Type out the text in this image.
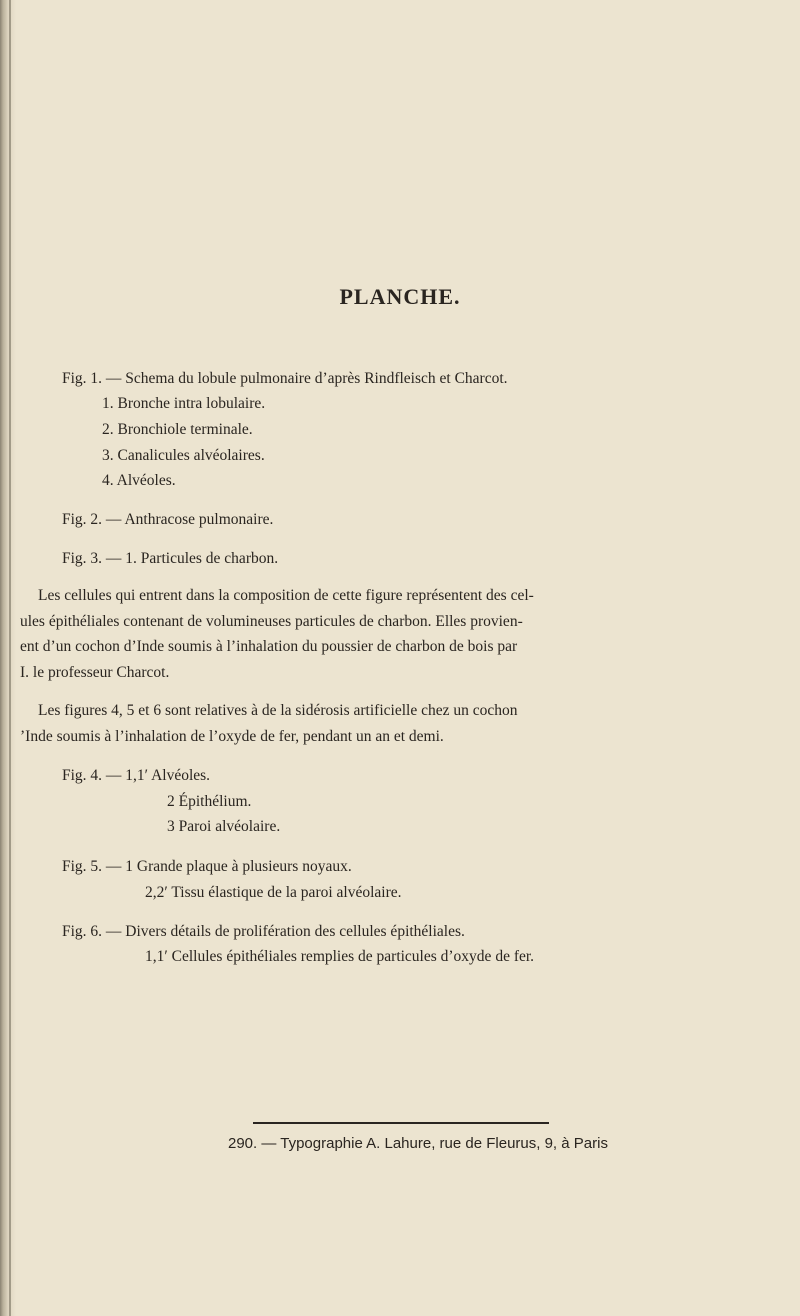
PLANCHE.
Fig. 1. — Schema du lobule pulmonaire d’après Rindfleisch et Charcot.
1. Bronche intra lobulaire.
2. Bronchiole terminale.
3. Canalicules alvéolaires.
4. Alvéoles.
Fig. 2. — Anthracose pulmonaire.
Fig. 3. — 1. Particules de charbon.
Les cellules qui entrent dans la composition de cette figure représentent des cel-
ules épithéliales contenant de volumineuses particules de charbon. Elles provien-
ent d’un cochon d’Inde soumis à l’inhalation du poussier de charbon de bois par
I. le professeur Charcot.
Les figures 4, 5 et 6 sont relatives à de la sidérosis artificielle chez un cochon
’Inde soumis à l’inhalation de l’oxyde de fer, pendant un an et demi.
Fig. 4. — 1,1′ Alvéoles.
2 Épithélium.
3 Paroi alvéolaire.
Fig. 5. — 1 Grande plaque à plusieurs noyaux.
2,2′ Tissu élastique de la paroi alvéolaire.
Fig. 6. — Divers détails de prolifération des cellules épithéliales.
1,1′ Cellules épithéliales remplies de particules d’oxyde de fer.
290. — Typographie A. Lahure, rue de Fleurus, 9, à Paris
